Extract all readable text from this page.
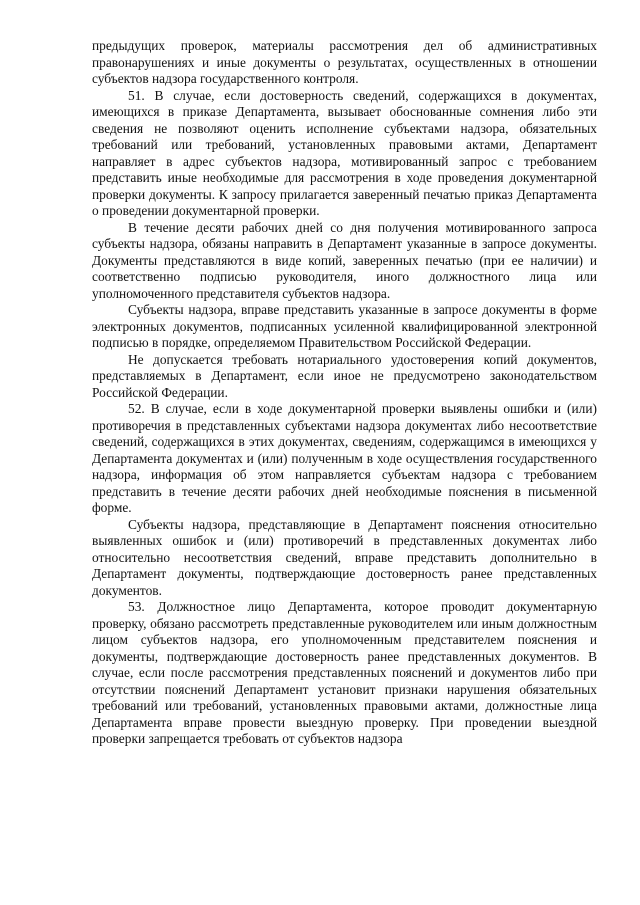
предыдущих проверок, материалы рассмотрения дел об административных правонарушениях и иные документы о результатах, осуществленных в отношении субъектов надзора государственного контроля.

51. В случае, если достоверность сведений, содержащихся в документах, имеющихся в приказе Департамента, вызывает обоснованные сомнения либо эти сведения не позволяют оценить исполнение субъектами надзора, обязательных требований или требований, установленных правовыми актами, Департамент направляет в адрес субъектов надзора, мотивированный запрос с требованием представить иные необходимые для рассмотрения в ходе проведения документарной проверки документы. К запросу прилагается заверенный печатью приказ Департамента о проведении документарной проверки.

В течение десяти рабочих дней со дня получения мотивированного запроса субъекты надзора, обязаны направить в Департамент указанные в запросе документы. Документы представляются в виде копий, заверенных печатью (при ее наличии) и соответственно подписью руководителя, иного должностного лица или уполномоченного представителя субъектов надзора.

Субъекты надзора, вправе представить указанные в запросе документы в форме электронных документов, подписанных усиленной квалифицированной электронной подписью в порядке, определяемом Правительством Российской Федерации.

Не допускается требовать нотариального удостоверения копий документов, представляемых в Департамент, если иное не предусмотрено законодательством Российской Федерации.

52. В случае, если в ходе документарной проверки выявлены ошибки и (или) противоречия в представленных субъектами надзора документах либо несоответствие сведений, содержащихся в этих документах, сведениям, содержащимся в имеющихся у Департамента документах и (или) полученным в ходе осуществления государственного надзора, информация об этом направляется субъектам надзора с требованием представить в течение десяти рабочих дней необходимые пояснения в письменной форме.

Субъекты надзора, представляющие в Департамент пояснения относительно выявленных ошибок и (или) противоречий в представленных документах либо относительно несоответствия сведений, вправе представить дополнительно в Департамент документы, подтверждающие достоверность ранее представленных документов.

53. Должностное лицо Департамента, которое проводит документарную проверку, обязано рассмотреть представленные руководителем или иным должностным лицом субъектов надзора, его уполномоченным представителем пояснения и документы, подтверждающие достоверность ранее представленных документов. В случае, если после рассмотрения представленных пояснений и документов либо при отсутствии пояснений Департамент установит признаки нарушения обязательных требований или требований, установленных правовыми актами, должностные лица Департамента вправе провести выездную проверку. При проведении выездной проверки запрещается требовать от субъектов надзора
